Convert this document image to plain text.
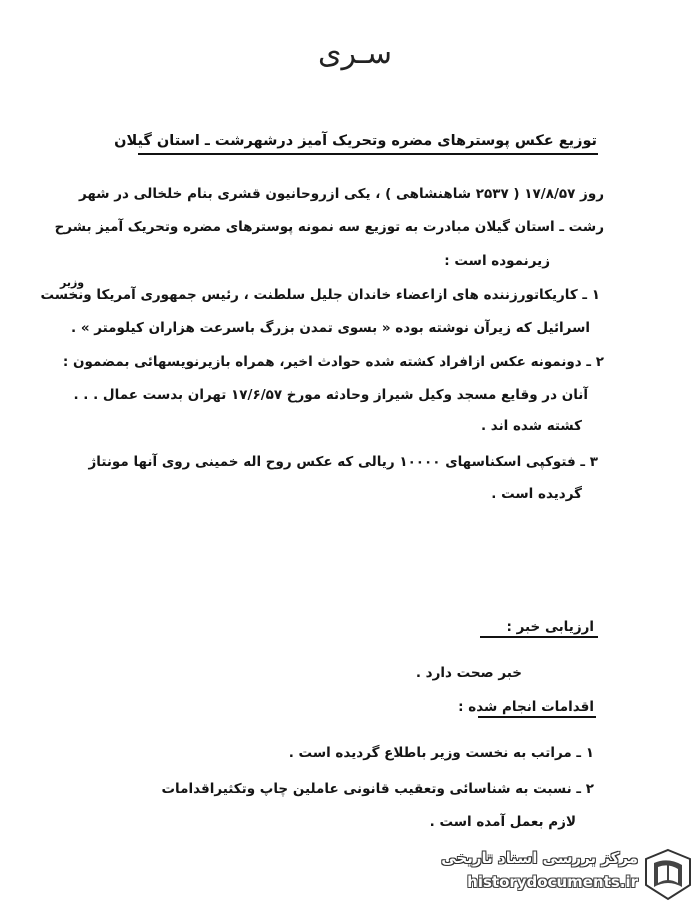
سـری
توزیع عکس پوسترهای مضره وتحریک آمیز درشهرشت ـ استان گیلان
وزیر
روز ۱۷/۸/۵۷ ( ۲۵۳۷ شاهنشاهی ) ، یکی ازروحانیون قشری بنام خلخالی در شهر
رشت ـ استان گیلان مبادرت به توزیع سه نمونه پوسترهای مضره وتحریک آمیز بشرح
زیرنموده است :
۱ ـ کاریکاتورزننده های ازاعضاء خاندان جلیل سلطنت ، رئیس جمهوری آمریکا ونخست
اسرائیل که زیرآن نوشته بوده « بسوی تمدن بزرگ باسرعت هزاران کیلومتر » .
۲ ـ دونمونه عکس ازافراد کشته شده حوادث اخیر، همراه بازیرنویسهائی بمضمون :
آنان در وقایع مسجد وکیل شیراز وحادثه مورخ ۱۷/۶/۵۷ تهران بدست عمال . . .
کشته شده اند .
۳ ـ فتوکپی اسکناسهای ۱۰۰۰۰ ریالی که عکس روح اله خمینی روی آنها مونتاژ
گردیده است .
ارزیابی خبر :
خبر صحت دارد .
اقدامات انجام شده :
۱ ـ مراتب به نخست وزیر باطلاع گردیده است .
۲ ـ نسبت به شناسائی وتعقیب قانونی عاملین چاپ وتکثیراقدامات
لازم بعمل آمده است .
مرکز بررسی اسناد تاریخی
historydocuments.ir
